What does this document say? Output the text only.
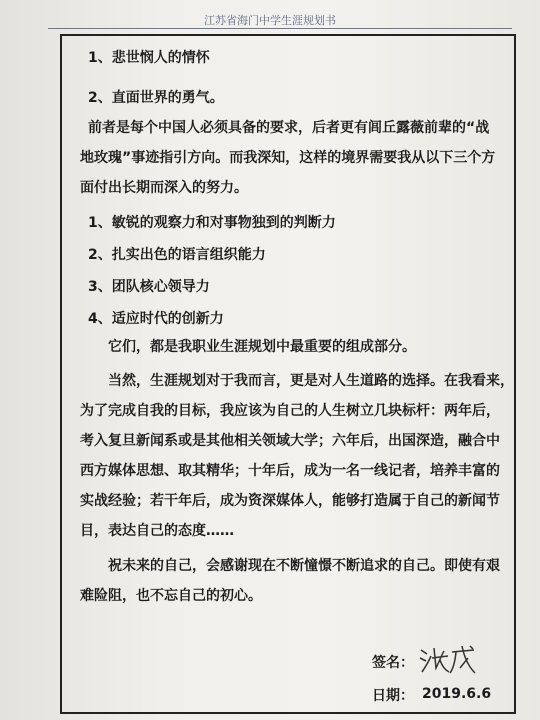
江苏省海门中学生涯规划书
1、悲世悯人的情怀
2、直面世界的勇气。
前者是每个中国人必须具备的要求，后者更有闾丘露薇前辈的“战
地玫瑰”事迹指引方向。而我深知，这样的境界需要我从以下三个方
面付出长期而深入的努力。
1、敏锐的观察力和对事物独到的判断力
2、扎实出色的语言组织能力
3、团队核心领导力
4、适应时代的创新力
它们，都是我职业生涯规划中最重要的组成部分。
当然，生涯规划对于我而言，更是对人生道路的选择。在我看来，
为了完成自我的目标，我应该为自己的人生树立几块标杆：两年后，
考入复旦新闻系或是其他相关领域大学；六年后，出国深造，融合中
西方媒体思想、取其精华；十年后，成为一名一线记者，培养丰富的
实战经验；若干年后，成为资深媒体人，能够打造属于自己的新闻节
目，表达自己的态度……
祝未来的自己，会感谢现在不断憧憬不断追求的自己。即使有艰
难险阻，也不忘自己的初心。
签名：
日期： 2019.6.6
